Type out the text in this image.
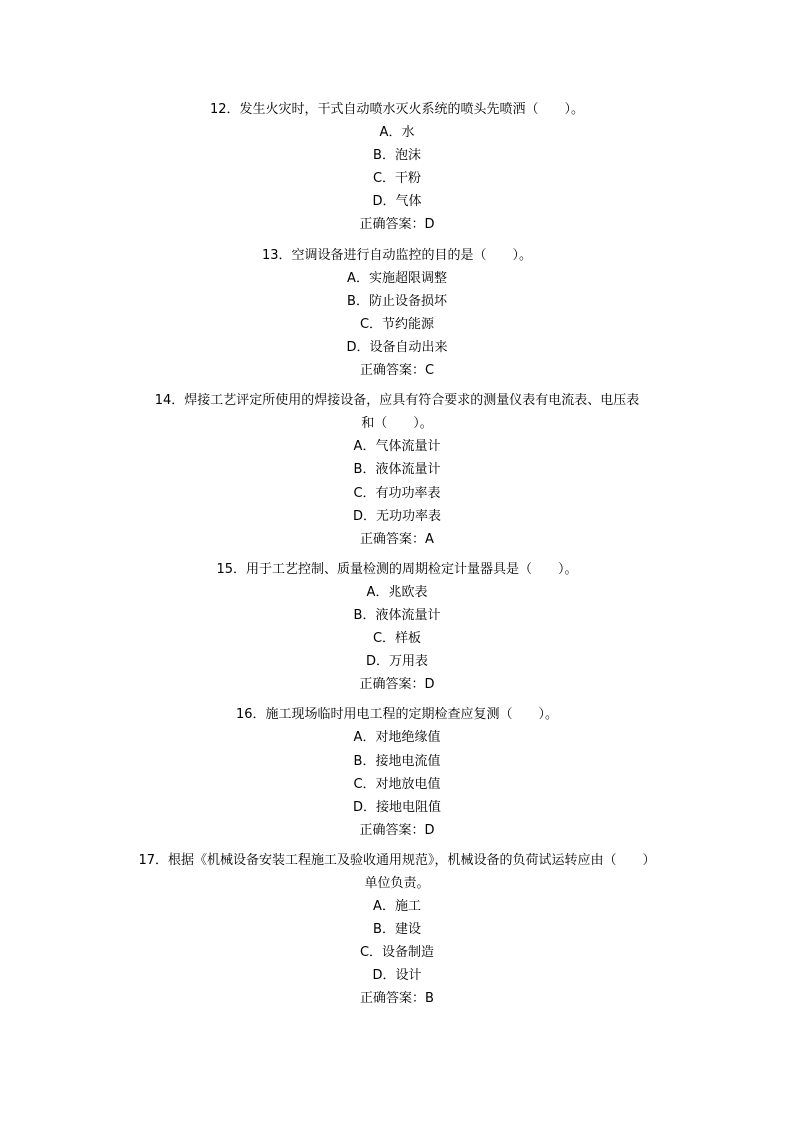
12．发生火灾时，干式自动喷水灭火系统的喷头先喷洒（　　）。
A．水
B．泡沫
C．干粉
D．气体
正确答案：D
13．空调设备进行自动监控的目的是（　　）。
A．实施超限调整
B．防止设备损坏
C．节约能源
D．设备自动出来
正确答案：C
14．焊接工艺评定所使用的焊接设备，应具有符合要求的测量仪表有电流表、电压表
和（　　）。
A．气体流量计
B．液体流量计
C．有功功率表
D．无功功率表
正确答案：A
15．用于工艺控制、质量检测的周期检定计量器具是（　　）。
A．兆欧表
B．液体流量计
C．样板
D．万用表
正确答案：D
16．施工现场临时用电工程的定期检查应复测（　　）。
A．对地绝缘值
B．接地电流值
C．对地放电值
D．接地电阻值
正确答案：D
17．根据《机械设备安装工程施工及验收通用规范》，机械设备的负荷试运转应由（　　）
单位负责。
A．施工
B．建设
C．设备制造
D．设计
正确答案：B
